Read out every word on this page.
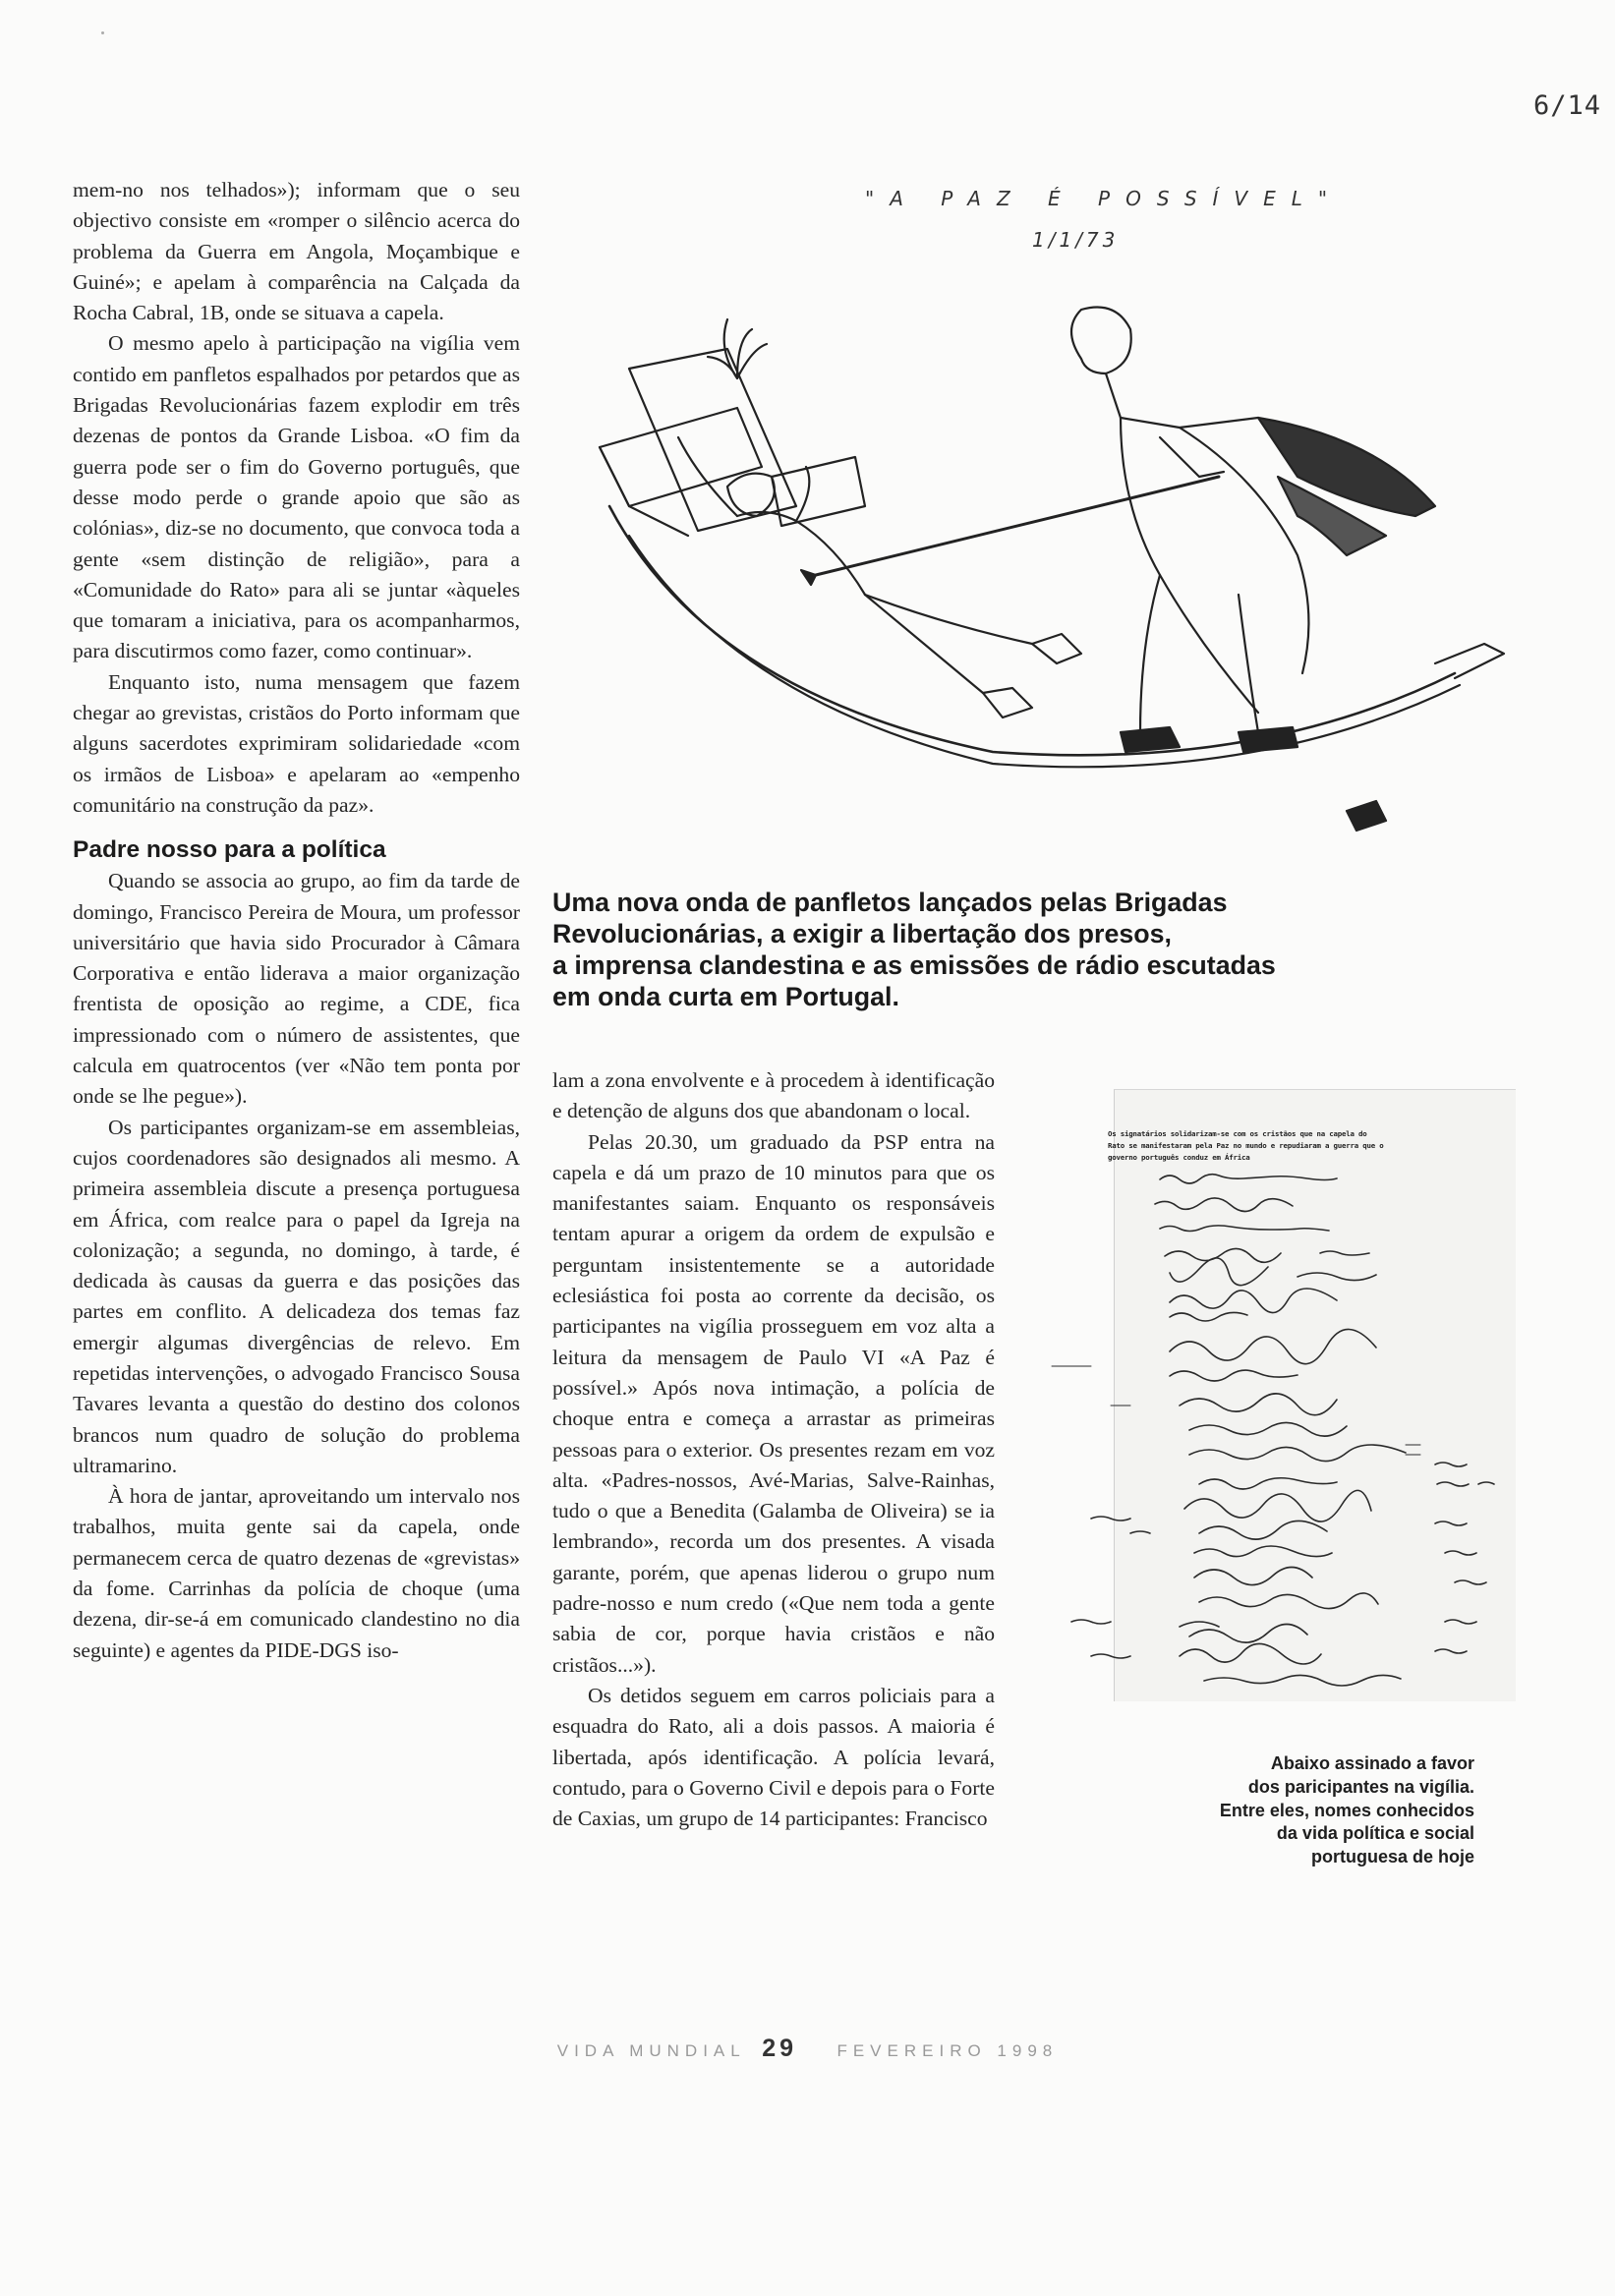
6/14

mem-no nos telhados»); informam que o seu objectivo consiste em «romper o silêncio acerca do problema da Guerra em Angola, Moçambique e Guiné»; e apelam à comparência na Calçada da Rocha Cabral, 1B, onde se situava a capela.

O mesmo apelo à participação na vigília vem contido em panfletos espalhados por petardos que as Brigadas Revolucionárias fazem explodir em três dezenas de pontos da Grande Lisboa. «O fim da guerra pode ser o fim do Governo português, que desse modo perde o grande apoio que são as colónias», diz-se no documento, que convoca toda a gente «sem distinção de religião», para a «Comunidade do Rato» para ali se juntar «àqueles que tomaram a iniciativa, para os acompanharmos, para discutirmos como fazer, como continuar».

Enquanto isto, numa mensagem que fazem chegar ao grevistas, cristãos do Porto informam que alguns sacerdotes exprimiram solidariedade «com os irmãos de Lisboa» e apelaram ao «empenho comunitário na construção da paz».

Padre nosso para a política

Quando se associa ao grupo, ao fim da tarde de domingo, Francisco Pereira de Moura, um professor universitário que havia sido Procurador à Câmara Corporativa e então liderava a maior organização frentista de oposição ao regime, a CDE, fica impressionado com o número de assistentes, que calcula em quatrocentos (ver «Não tem ponta por onde se lhe pegue»).

Os participantes organizam-se em assembleias, cujos coordenadores são designados ali mesmo. A primeira assembleia discute a presença portuguesa em África, com realce para o papel da Igreja na colonização; a segunda, no domingo, à tarde, é dedicada às causas da guerra e das posições das partes em conflito. A delicadeza dos temas faz emergir algumas divergências de relevo. Em repetidas intervenções, o advogado Francisco Sousa Tavares levanta a questão do destino dos colonos brancos num quadro de solução do problema ultramarino.

À hora de jantar, aproveitando um intervalo nos trabalhos, muita gente sai da capela, onde permanecem cerca de quatro dezenas de «grevistas» da fome. Carrinhas da polícia de choque (uma dezena, dir-se-á em comunicado clandestino no dia seguinte) e agentes da PIDE-DGS iso-

"A PAZ É POSSÍVEL"
1/1/73
Uma nova onda de panfletos lançados pelas Brigadas
Revolucionárias, a exigir a libertação dos presos,
a imprensa clandestina e as emissões de rádio escutadas
em onda curta em Portugal.

lam a zona envolvente e à procedem à identificação e detenção de alguns dos que abandonam o local.

Pelas 20.30, um graduado da PSP entra na capela e dá um prazo de 10 minutos para que os manifestantes saiam. Enquanto os responsáveis tentam apurar a origem da ordem de expulsão e perguntam insistentemente se a autoridade eclesiástica foi posta ao corrente da decisão, os participantes na vigília prosseguem em voz alta a leitura da mensagem de Paulo VI «A Paz é possível.» Após nova intimação, a polícia de choque entra e começa a arrastar as primeiras pessoas para o exterior. Os presentes rezam em voz alta. «Padres-nossos, Avé-Marias, Salve-Rainhas, tudo o que a Benedita (Galamba de Oliveira) se ia lembrando», recorda um dos presentes. A visada garante, porém, que apenas liderou o grupo num padre-nosso e num credo («Que nem toda a gente sabia de cor, porque havia cristãos e não cristãos...»).

Os detidos seguem em carros policiais para a esquadra do Rato, ali a dois passos. A maioria é libertada, após identificação. A polícia levará, contudo, para o Governo Civil e depois para o Forte de Caxias, um grupo de 14 participantes: Francisco

Os signatários solidarizam-se com os cristãos que na capela do
Rato se manifestaram pela Paz no mundo e repudiaram a guerra que o
governo português conduz em África
Abaixo assinado a favor
dos paricipantes na vigília.
Entre eles, nomes conhecidos
da vida política e social
portuguesa de hoje
VIDA MUNDIAL 29 FEVEREIRO 1998
